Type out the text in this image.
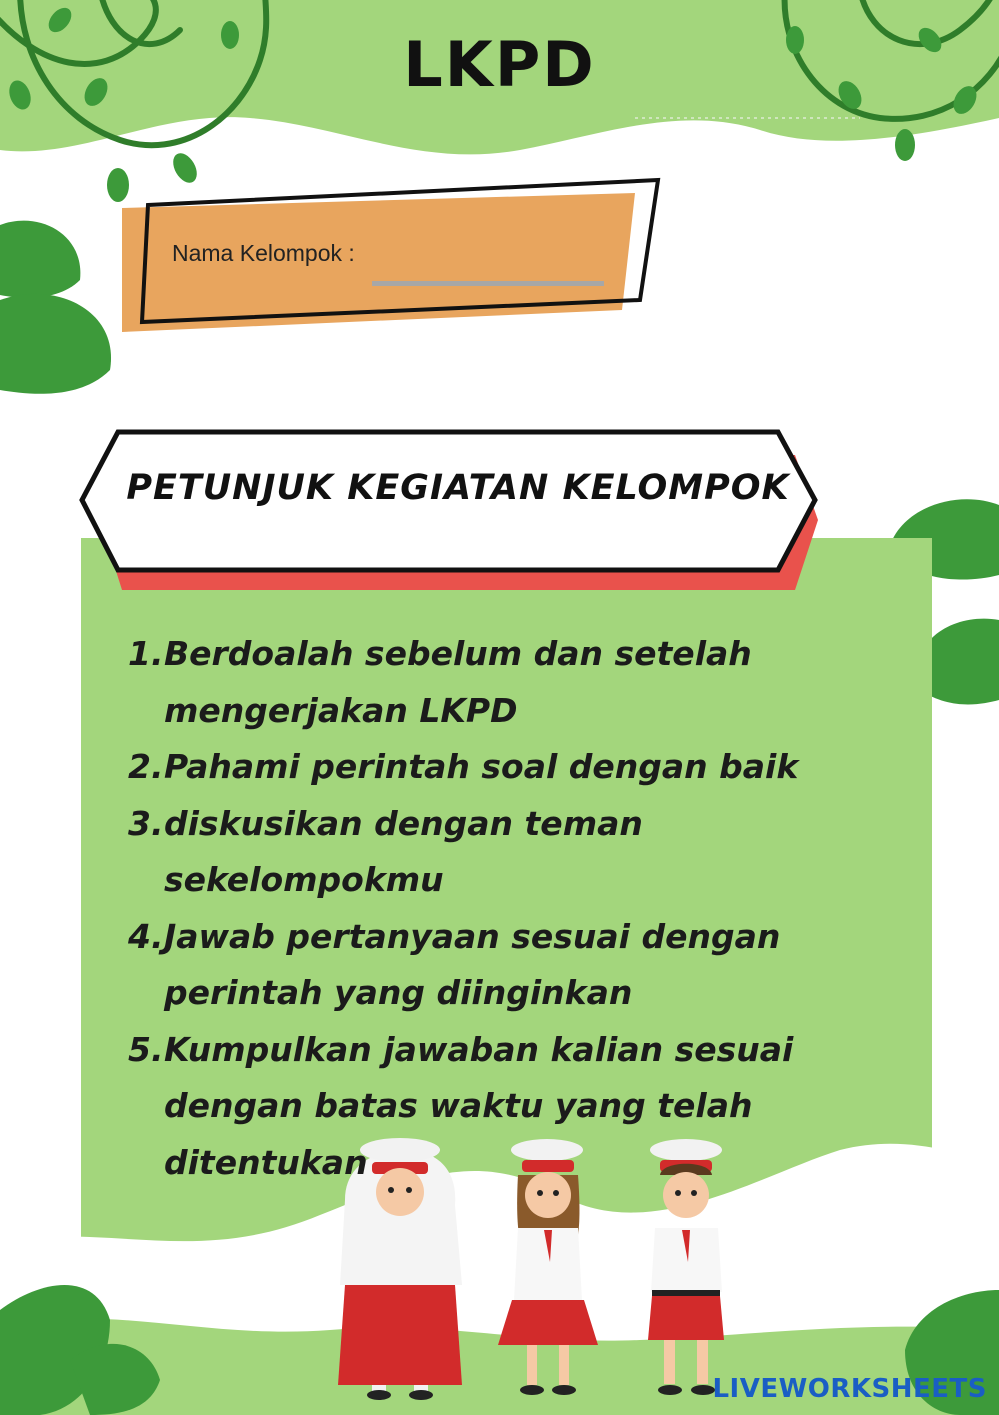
LKPD
Nama Kelompok :
PETUNJUK KEGIATAN KELOMPOK
1. Berdoalah sebelum dan setelah mengerjakan LKPD
2. Pahami perintah soal dengan baik
3. diskusikan dengan teman sekelompokmu
4. Jawab pertanyaan sesuai dengan perintah yang diinginkan
5. Kumpulkan jawaban kalian sesuai dengan batas waktu yang telah ditentukan
LIVEWORKSHEETS
